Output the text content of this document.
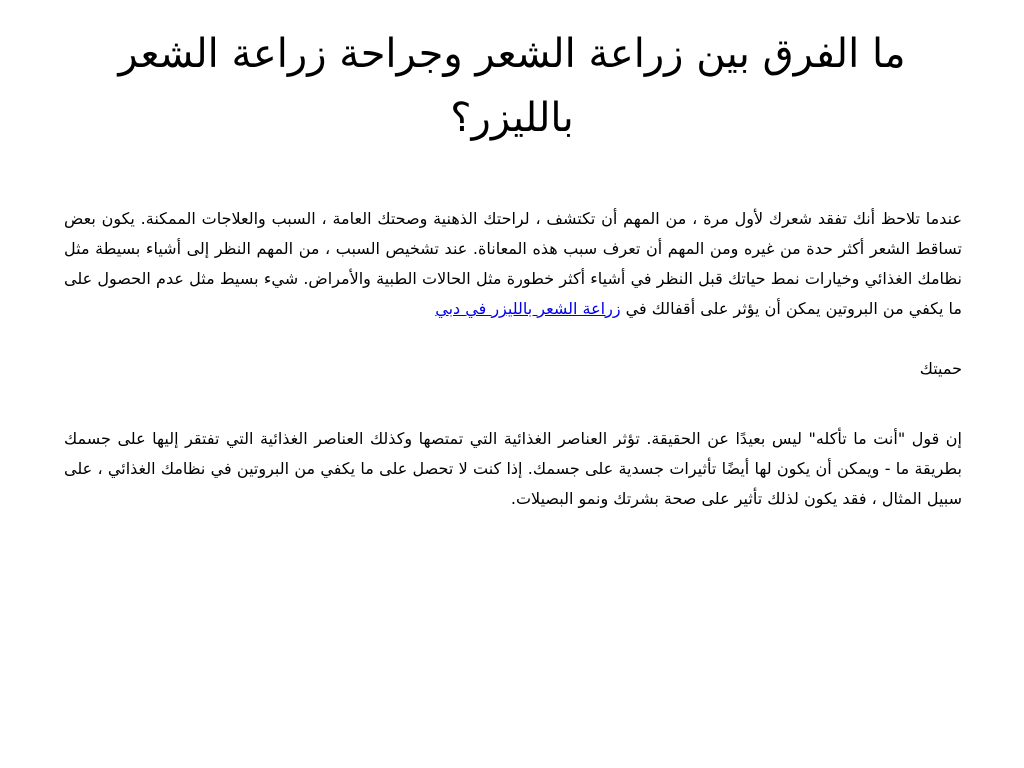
ما الفرق بين زراعة الشعر وجراحة زراعة الشعر بالليزر؟

عندما تلاحظ أنك تفقد شعرك لأول مرة ، من المهم أن تكتشف ، لراحتك الذهنية وصحتك العامة ، السبب والعلاجات الممكنة. يكون بعض تساقط الشعر أكثر حدة من غيره ومن المهم أن تعرف سبب هذه المعاناة. عند تشخيص السبب ، من المهم النظر إلى أشياء بسيطة مثل نظامك الغذائي وخيارات نمط حياتك قبل النظر في أشياء أكثر خطورة مثل الحالات الطبية والأمراض. شيء بسيط مثل عدم الحصول على ما يكفي من البروتين يمكن أن يؤثر على أقفالك في زراعة الشعر بالليزر في دبي

حميتك

إن قول "أنت ما تأكله" ليس بعيدًا عن الحقيقة. تؤثر العناصر الغذائية التي تمتصها وكذلك العناصر الغذائية التي تفتقر إليها على جسمك بطريقة ما - ويمكن أن يكون لها أيضًا تأثيرات جسدية على جسمك. إذا كنت لا تحصل على ما يكفي من البروتين في نظامك الغذائي ، على سبيل المثال ، فقد يكون لذلك تأثير على صحة بشرتك ونمو البصيلات.
